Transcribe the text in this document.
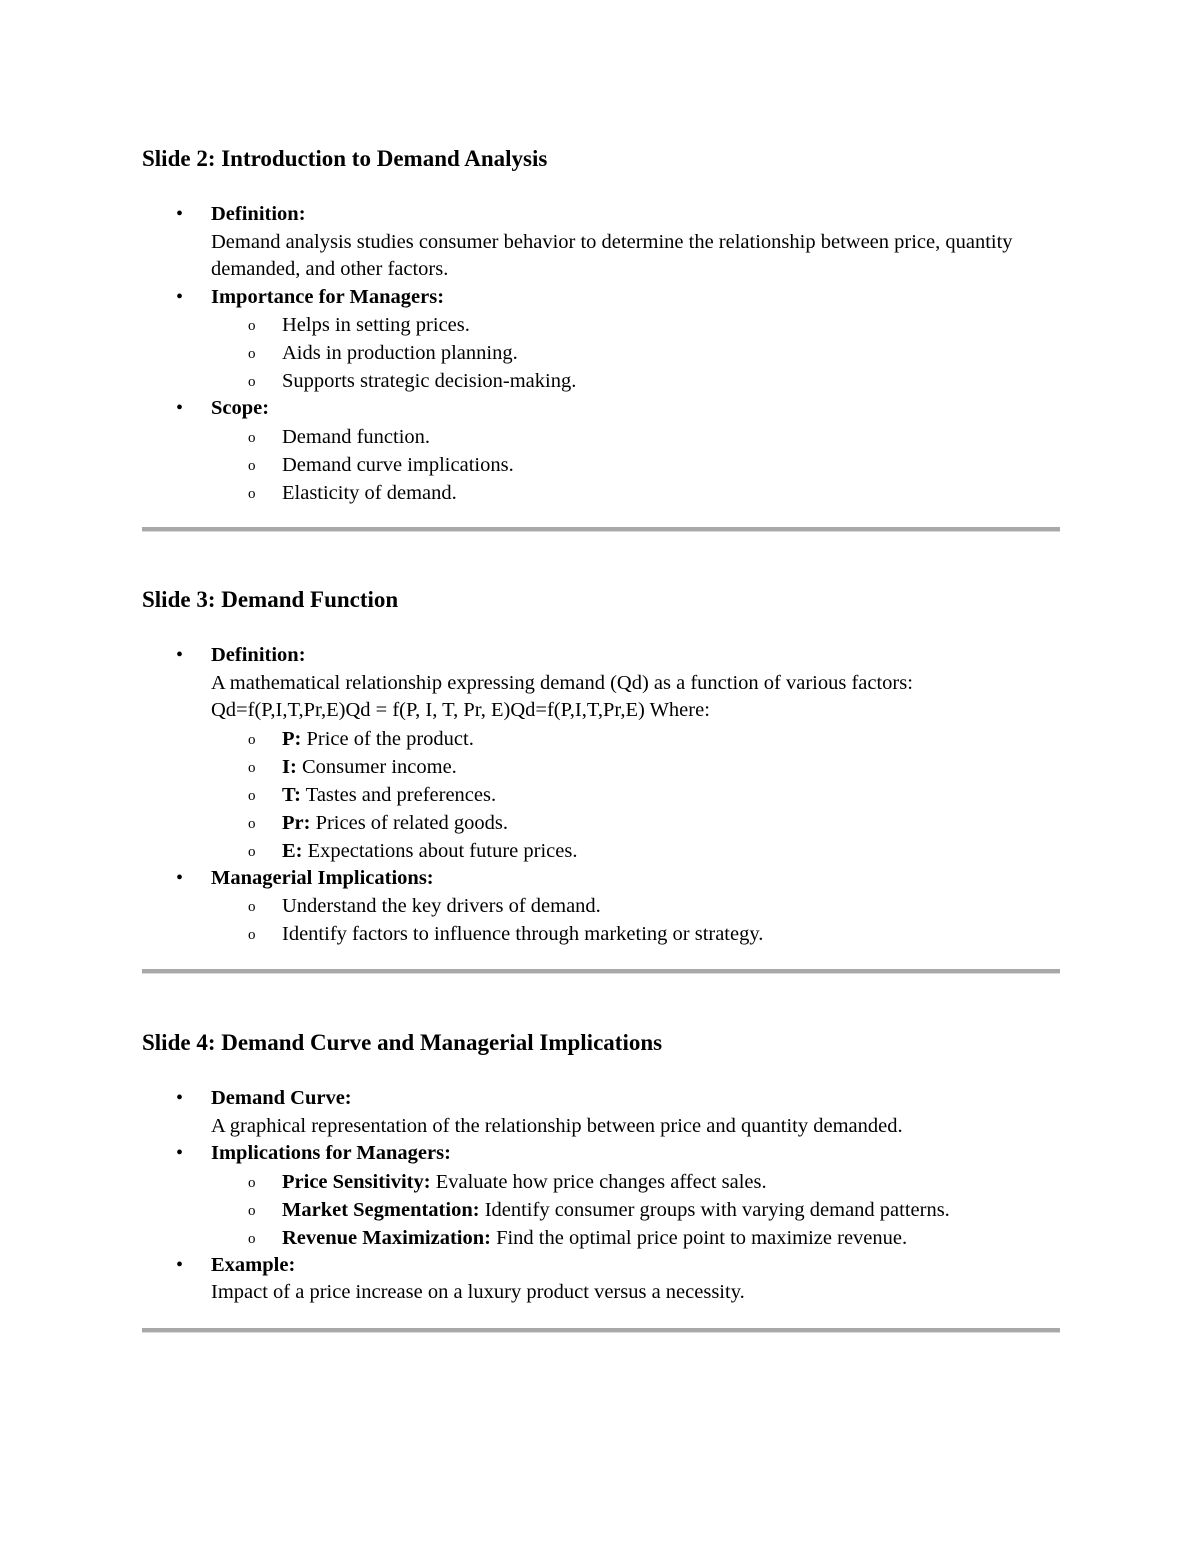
Slide 2: Introduction to Demand Analysis
• Definition:
Demand analysis studies consumer behavior to determine the relationship between price, quantity demanded, and other factors.
• Importance for Managers:
o Helps in setting prices.
o Aids in production planning.
o Supports strategic decision-making.
• Scope:
o Demand function.
o Demand curve implications.
o Elasticity of demand.
Slide 3: Demand Function
• Definition:
A mathematical relationship expressing demand (Qd) as a function of various factors:
Qd=f(P,I,T,Pr,E)Qd = f(P, I, T, Pr, E)Qd=f(P,I,T,Pr,E) Where:
o P: Price of the product.
o I: Consumer income.
o T: Tastes and preferences.
o Pr: Prices of related goods.
o E: Expectations about future prices.
• Managerial Implications:
o Understand the key drivers of demand.
o Identify factors to influence through marketing or strategy.
Slide 4: Demand Curve and Managerial Implications
• Demand Curve:
A graphical representation of the relationship between price and quantity demanded.
• Implications for Managers:
o Price Sensitivity: Evaluate how price changes affect sales.
o Market Segmentation: Identify consumer groups with varying demand patterns.
o Revenue Maximization: Find the optimal price point to maximize revenue.
• Example:
Impact of a price increase on a luxury product versus a necessity.
